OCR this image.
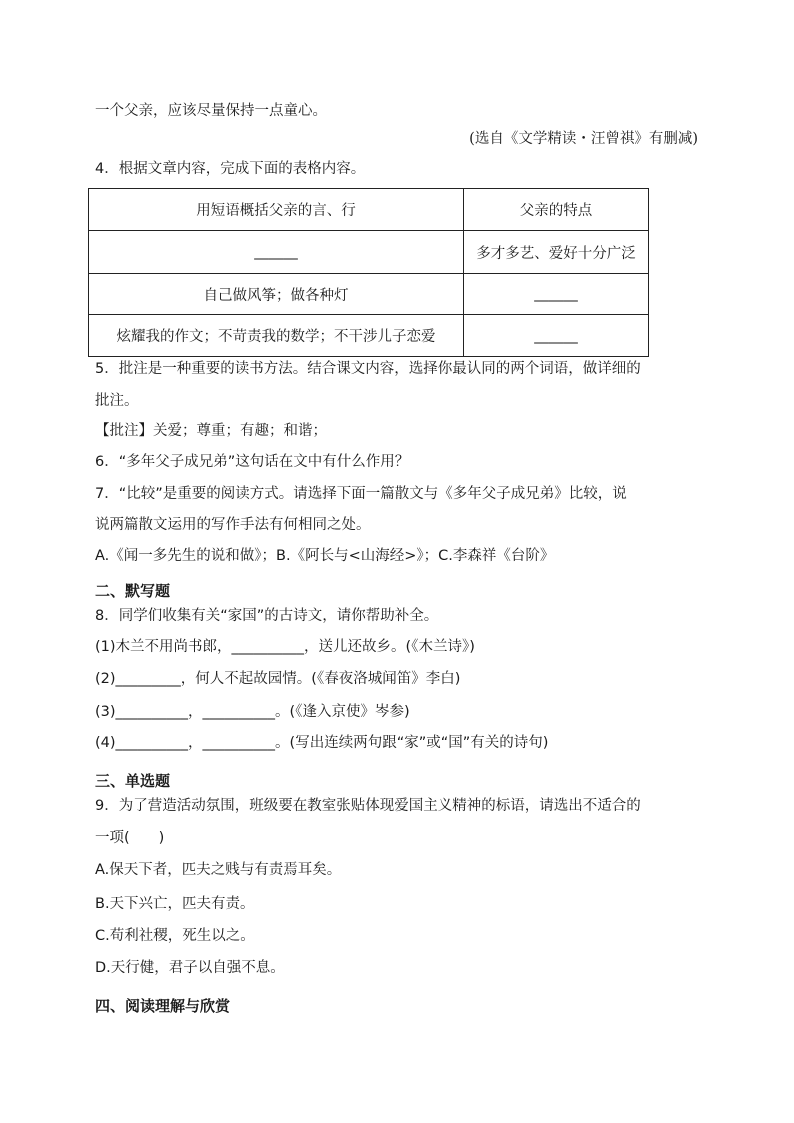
一个父亲，应该尽量保持一点童心。
(选自《文学精读・汪曾祺》有删减)
4．根据文章内容，完成下面的表格内容。
用短语概括父亲的言、行	父亲的特点
______	多才多艺、爱好十分广泛
自己做风筝；做各种灯	______
炫耀我的作文；不苛责我的数学；不干涉儿子恋爱	______
5．批注是一种重要的读书方法。结合课文内容，选择你最认同的两个词语，做详细的
批注。
【批注】关爱；尊重；有趣；和谐；
6．“多年父子成兄弟”这句话在文中有什么作用？
7．“比较”是重要的阅读方式。请选择下面一篇散文与《多年父子成兄弟》比较，说
说两篇散文运用的写作手法有何相同之处。
A.《闻一多先生的说和做》；B.《阿长与<山海经>》；C.李森祥《台阶》
二、默写题
8．同学们收集有关“家国”的古诗文，请你帮助补全。
(1)木兰不用尚书郎，__________，送儿还故乡。(《木兰诗》)
(2)_________，何人不起故园情。(《春夜洛城闻笛》李白)
(3)__________，__________。(《逢入京使》岑参)
(4)__________，__________。(写出连续两句跟“家”或“国”有关的诗句)
三、单选题
9．为了营造活动氛围，班级要在教室张贴体现爱国主义精神的标语，请选出不适合的
一项(　　)
A.保天下者，匹夫之贱与有责焉耳矣。
B.天下兴亡，匹夫有责。
C.苟利社稷，死生以之。
D.天行健，君子以自强不息。
四、阅读理解与欣赏
